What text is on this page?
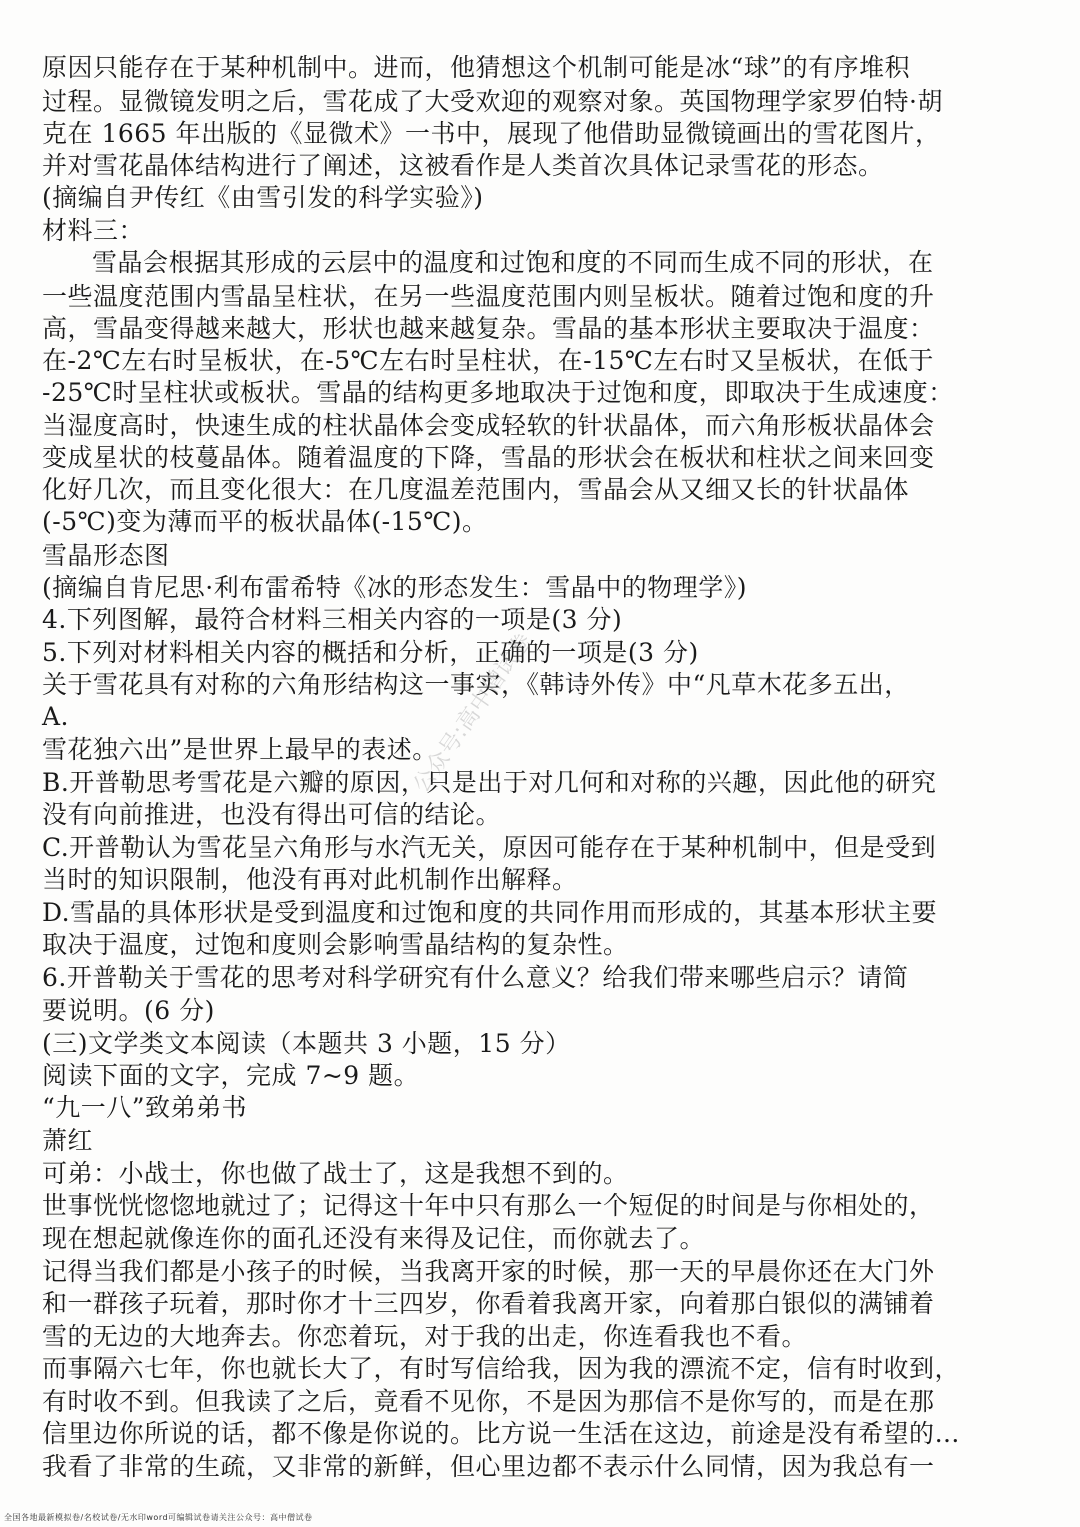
原因只能存在于某种机制中。进而，他猜想这个机制可能是冰“球”的有序堆积
过程。显微镜发明之后，雪花成了大受欢迎的观察对象。英国物理学家罗伯特·胡
克在 1665 年出版的《显微术》一书中，展现了他借助显微镜画出的雪花图片，
并对雪花晶体结构进行了阐述，这被看作是人类首次具体记录雪花的形态。
(摘编自尹传红《由雪引发的科学实验》)
材料三：
雪晶会根据其形成的云层中的温度和过饱和度的不同而生成不同的形状，在
一些温度范围内雪晶呈柱状，在另一些温度范围内则呈板状。随着过饱和度的升
高，雪晶变得越来越大，形状也越来越复杂。雪晶的基本形状主要取决于温度：
在-2℃左右时呈板状，在-5℃左右时呈柱状，在-15℃左右时又呈板状，在低于
-25℃时呈柱状或板状。雪晶的结构更多地取决于过饱和度，即取决于生成速度：
当湿度高时，快速生成的柱状晶体会变成轻软的针状晶体，而六角形板状晶体会
变成星状的枝蔓晶体。随着温度的下降，雪晶的形状会在板状和柱状之间来回变
化好几次，而且变化很大：在几度温差范围内，雪晶会从又细又长的针状晶体
(-5℃)变为薄而平的板状晶体(-15℃)。
雪晶形态图
(摘编自肯尼思·利布雷希特《冰的形态发生：雪晶中的物理学》)
4.下列图解，最符合材料三相关内容的一项是(3 分)
5.下列对材料相关内容的概括和分析，正确的一项是(3 分)
关于雪花具有对称的六角形结构这一事实，《韩诗外传》中“凡草木花多五出，
A.
雪花独六出”是世界上最早的表述。
B.开普勒思考雪花是六瓣的原因，只是出于对几何和对称的兴趣，因此他的研究
没有向前推进，也没有得出可信的结论。
C.开普勒认为雪花呈六角形与水汽无关，原因可能存在于某种机制中，但是受到
当时的知识限制，他没有再对此机制作出解释。
D.雪晶的具体形状是受到温度和过饱和度的共同作用而形成的，其基本形状主要
取决于温度，过饱和度则会影响雪晶结构的复杂性。
6.开普勒关于雪花的思考对科学研究有什么意义？给我们带来哪些启示？请简
要说明。(6 分)
(三)文学类文本阅读（本题共 3 小题，15 分）
阅读下面的文字，完成 7~9 题。
“九一八”致弟弟书
萧红
可弟：小战士，你也做了战士了，这是我想不到的。
世事恍恍惚惚地就过了；记得这十年中只有那么一个短促的时间是与你相处的，
现在想起就像连你的面孔还没有来得及记住，而你就去了。
记得当我们都是小孩子的时候，当我离开家的时候，那一天的早晨你还在大门外
和一群孩子玩着，那时你才十三四岁，你看着我离开家，向着那白银似的满铺着
雪的无边的大地奔去。你恋着玩，对于我的出走，你连看我也不看。
而事隔六七年，你也就长大了，有时写信给我，因为我的漂流不定，信有时收到，
有时收不到。但我读了之后，竟看不见你，不是因为那信不是你写的，而是在那
信里边你所说的话，都不像是你说的。比方说一生活在这边，前途是没有希望的…
我看了非常的生疏，又非常的新鲜，但心里边都不表示什么同情，因为我总有一
公众号:高中僧试卷
全国各地最新模拟卷/名校试卷/无水印word可编辑试卷请关注公众号：高中僧试卷
